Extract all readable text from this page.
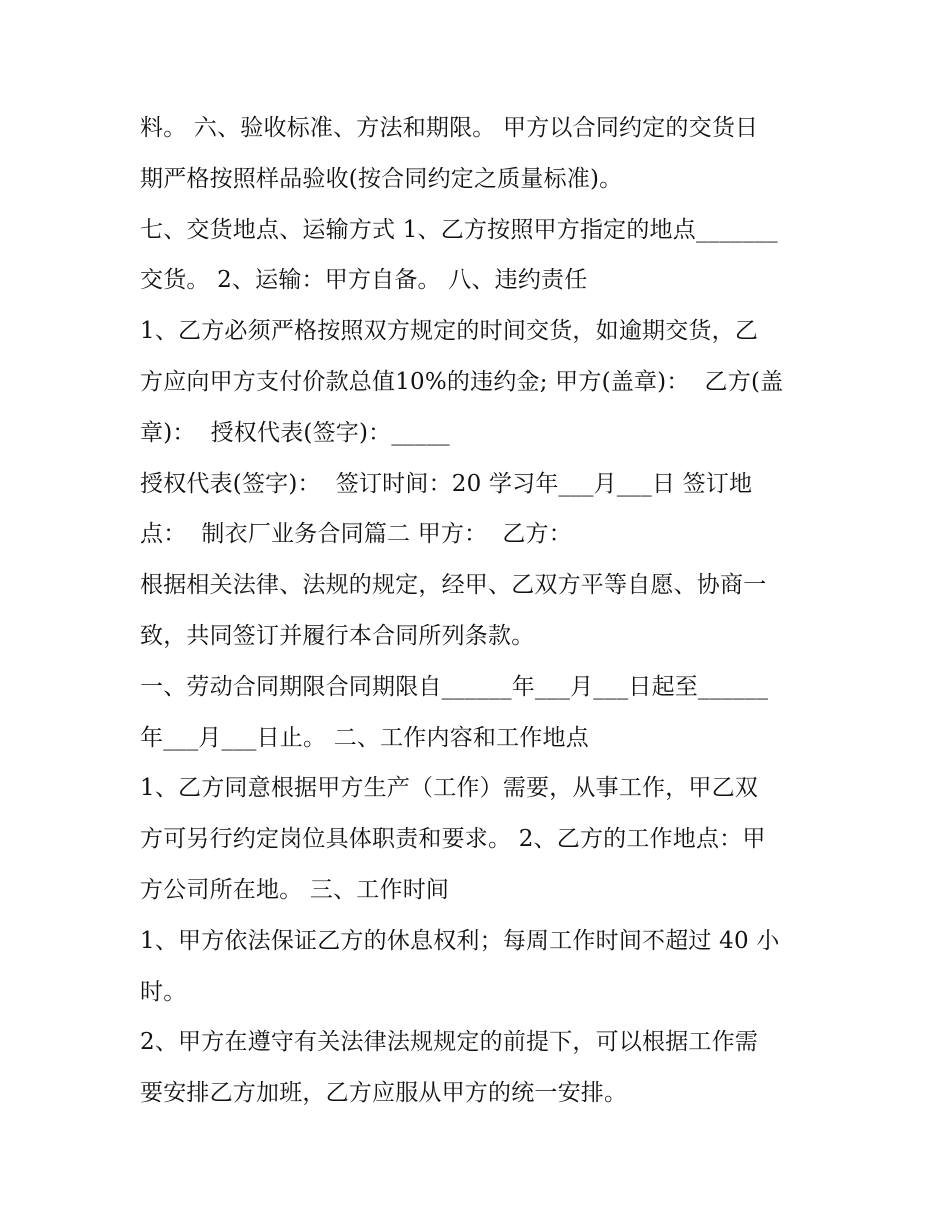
料。 六、验收标准、方法和期限。 甲方以合同约定的交货日
期严格按照样品验收(按合同约定之质量标准)。
七、交货地点、运输方式 1、乙方按照甲方指定的地点_______
交货。 2、运输：甲方自备。 八、违约责任
1、乙方必须严格按照双方规定的时间交货，如逾期交货，乙
方应向甲方支付价款总值10%的违约金; 甲方(盖章)：  乙方(盖
章)：  授权代表(签字)：_____
授权代表(签字)：  签订时间：20 学习年___月___日 签订地
点：  制衣厂业务合同篇二 甲方：  乙方：
根据相关法律、法规的规定，经甲、乙双方平等自愿、协商一
致，共同签订并履行本合同所列条款。
一、劳动合同期限合同期限自______年___月___日起至______
年___月___日止。 二、工作内容和工作地点
1、乙方同意根据甲方生产（工作）需要，从事工作，甲乙双
方可另行约定岗位具体职责和要求。 2、乙方的工作地点：甲
方公司所在地。 三、工作时间
1、甲方依法保证乙方的休息权利；每周工作时间不超过 40 小
时。
2、甲方在遵守有关法律法规规定的前提下，可以根据工作需
要安排乙方加班，乙方应服从甲方的统一安排。
